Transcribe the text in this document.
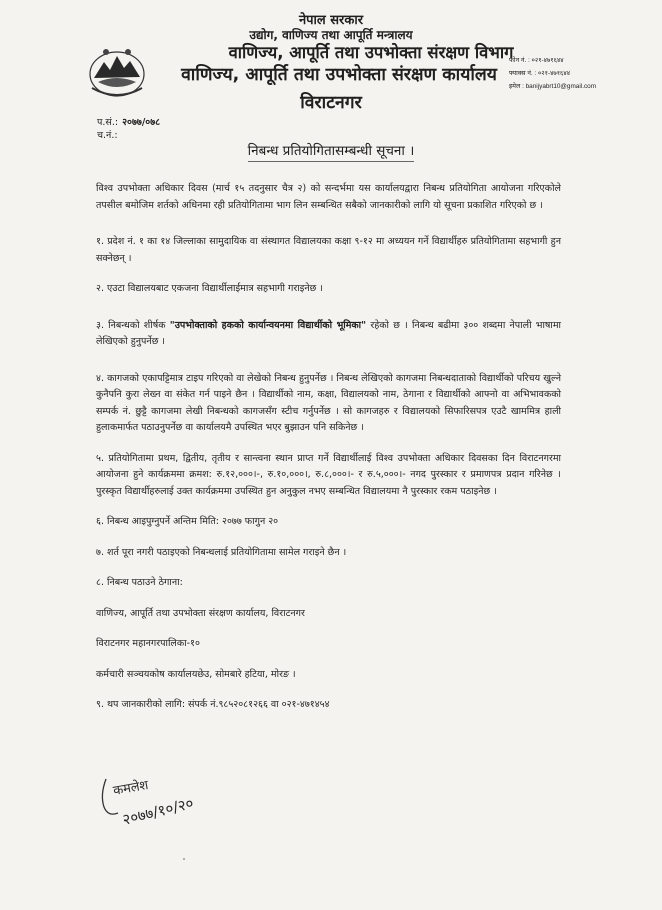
नेपाल सरकार
उद्योग, वाणिज्य तथा आपूर्ति मन्त्रालय
वाणिज्य, आपूर्ति तथा उपभोक्ता संरक्षण विभाग
वाणिज्य, आपूर्ति तथा उपभोक्ता संरक्षण कार्यालय
विराटनगर
फोन नं. : ०२१-४७१६४४
फ्याक्स नं. : ०२१-४७१६४४
इमेल : banijyabrt10@gmail.com
प.सं.: २०७७/०७८
च.नं.:
निबन्ध प्रतियोगितासम्बन्धी सूचना ।

विश्व उपभोक्ता अधिकार दिवस (मार्च १५ तदनुसार चैत्र २) को सन्दर्भमा यस कार्यालयद्वारा निबन्ध प्रतियोगिता आयोजना गरिएकोले तपसील बमोजिम शर्तको अधिनमा रही प्रतियोगितामा भाग लिन सम्बन्धित सबैको जानकारीको लागि यो सूचना प्रकाशित गरिएको छ ।

१. प्रदेश नं. १ का १४ जिल्लाका सामुदायिक वा संस्थागत विद्यालयका कक्षा ९-१२ मा अध्ययन गर्ने विद्यार्थीहरु प्रतियोगितामा सहभागी हुन सक्नेछन् ।

२. एउटा विद्यालयबाट एकजना विद्यार्थीलाईमात्र सहभागी गराइनेछ ।

३. निबन्धको शीर्षक "उपभोक्ताको हकको कार्यान्वयनमा विद्यार्थीको भूमिका" रहेको छ । निबन्ध बढीमा ३०० शब्दमा नेपाली भाषामा लेखिएको हुनुपर्नेछ ।

४. कागजको एकापट्टिमात्र टाइप गरिएको वा लेखेको निबन्ध हुनुपर्नेछ । निबन्ध लेखिएको कागजमा निबन्धदाताको विद्यार्थीको परिचय खुल्ने कुनैपनि कुरा लेख्न वा संकेत गर्न पाइने छैन । विद्यार्थीको नाम, कक्षा, विद्यालयको नाम, ठेगाना र विद्यार्थीको आफ्नो वा अभिभावकको सम्पर्क नं. छुट्टै कागजमा लेखी निबन्धको कागजसँग स्टीच गर्नुपर्नेछ । सो कागजहरु र विद्यालयको सिफारिसपत्र एउटै खाममित्र हाली हुलाकमार्फत पठाउनुपर्नेछ वा कार्यालयमै उपस्थित भएर बुझाउन पनि सकिनेछ ।

५. प्रतियोगितामा प्रथम, द्वितीय, तृतीय र सान्त्वना स्थान प्राप्त गर्ने विद्यार्थीलाई विश्व उपभोक्ता अधिकार दिवसका दिन विराटनगरमा आयोजना हुने कार्यक्रममा क्रमश: रु.१२,०००।-, रु.१०,०००।, रु.८,०००।- र रु.५,०००।- नगद पुरस्कार र प्रमाणपत्र प्रदान गरिनेछ । पुरस्कृत विद्यार्थीहरुलाई उक्त कार्यक्रममा उपस्थित हुन अनुकुल नभए सम्बन्धित विद्यालयमा नै पुरस्कार रकम पठाइनेछ ।

६. निबन्ध आइपुग्नुपर्ने अन्तिम मिति: २०७७ फागुन २०

७. शर्त पूरा नगरी पठाइएको निबन्धलाई प्रतियोगितामा सामेल गराइने छैन ।

८. निबन्ध पठाउने ठेगाना:

वाणिज्य, आपूर्ति तथा उपभोक्ता संरक्षण कार्यालय, विराटनगर

विराटनगर महानगरपालिका-१०

कर्मचारी सञ्चयकोष कार्यालयछेउ, सोमबारे हटिया, मोरङ ।

९. थप जानकारीको लागि: संपर्क नं.९८५२०८१२६६ वा ०२१-४७१४५४

कमलेश
२०७७/१०/२०
